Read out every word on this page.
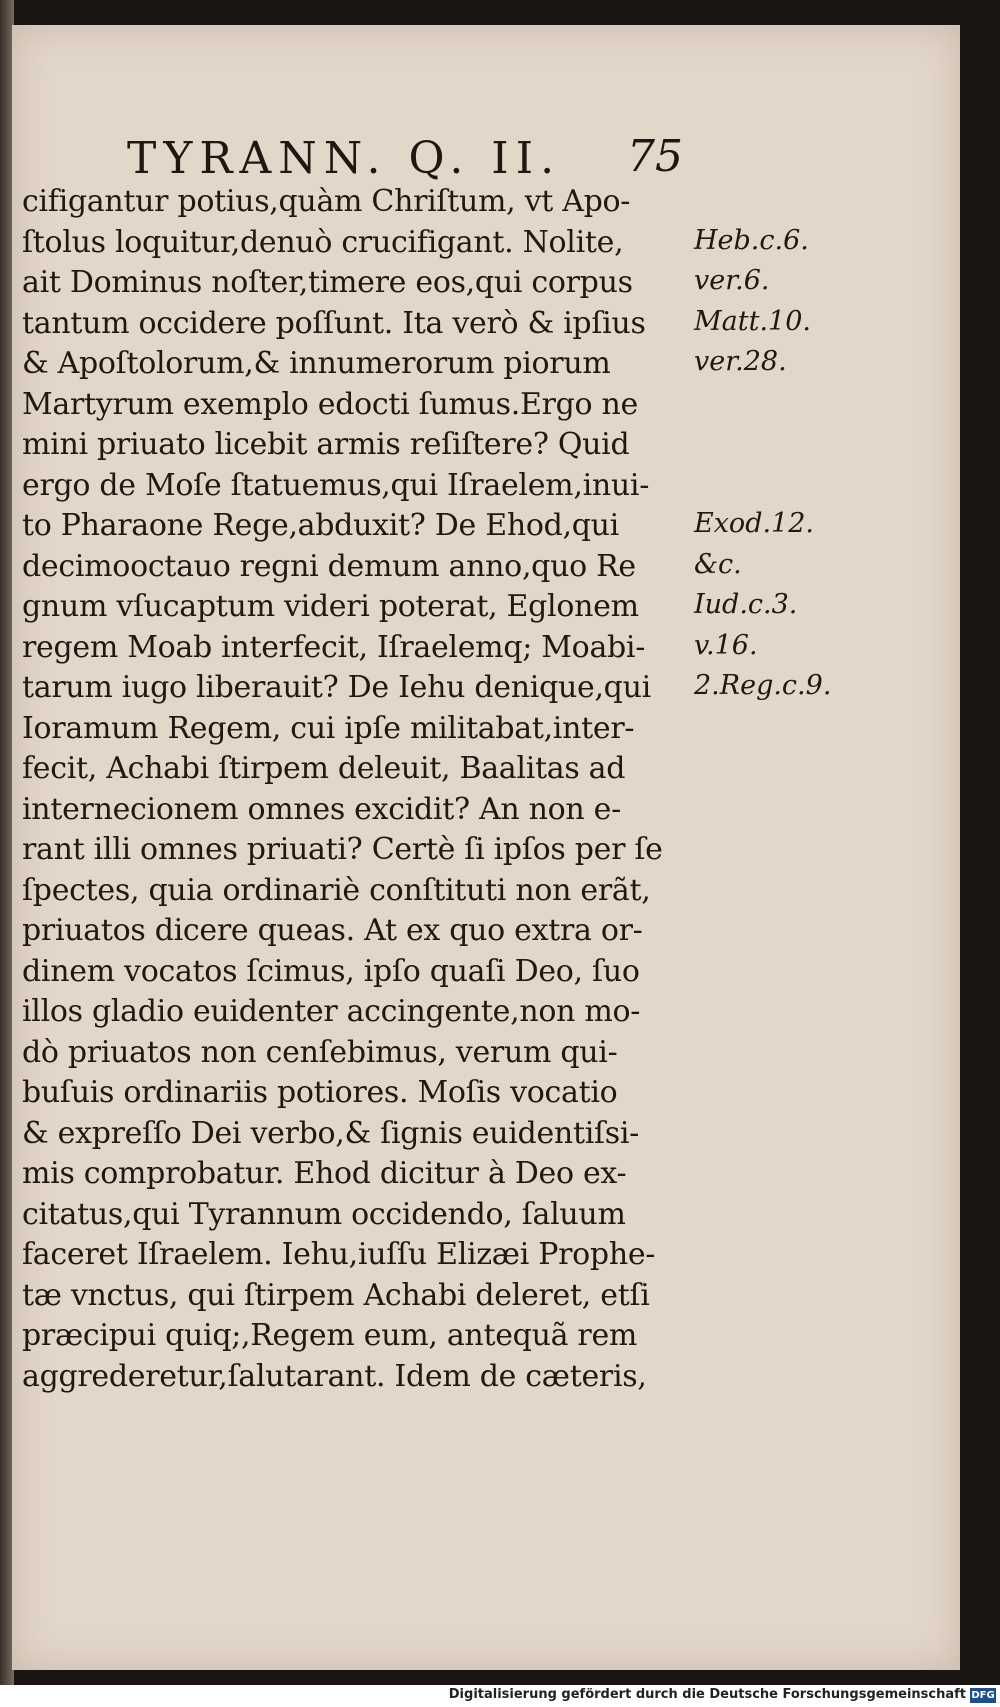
TYRANN. Q. II. 75
cifigantur potius,quàm Chriſtum, vt Apo-
ſtolus loquitur,denuò crucifigant. Nolite,
ait Dominus noſter,timere eos,qui corpus
tantum occidere poſſunt. Ita verò & ipſius
& Apoſtolorum,& innumerorum piorum
Martyrum exemplo edocti ſumus.Ergo ne
mini priuato licebit armis reſiſtere? Quid
ergo de Moſe ſtatuemus,qui Iſraelem,inui-
to Pharaone Rege,abduxit? De Ehod,qui
decimooctauo regni demum anno,quo Re
gnum vſucaptum videri poterat, Eglonem
regem Moab interfecit, Iſraelemq; Moabi-
tarum iugo liberauit? De Iehu denique,qui
Ioramum Regem, cui ipſe militabat,inter-
fecit, Achabi ſtirpem deleuit, Baalitas ad
internecionem omnes excidit? An non e-
rant illi omnes priuati? Certè ſi ipſos per ſe
ſpectes, quia ordinariè conſtituti non erãt,
priuatos dicere queas. At ex quo extra or-
dinem vocatos ſcimus, ipſo quaſi Deo, ſuo
illos gladio euidenter accingente,non mo-
dò priuatos non cenſebimus, verum qui-
buſuis ordinariis potiores. Moſis vocatio
& expreſſo Dei verbo,& ſignis euidentiſsi-
mis comprobatur. Ehod dicitur à Deo ex-
citatus,qui Tyrannum occidendo, ſaluum
faceret Iſraelem. Iehu,iuſſu Elizæi Prophe-
tæ vnctus, qui ſtirpem Achabi deleret, etſi
præcipui quiq;,Regem eum, antequã rem
aggrederetur,ſalutarant. Idem de cæteris,
Heb.c.6.
ver.6.
Matt.10.
ver.28.
Exod.12.
&c.
Iud.c.3.
v.16.
2.Reg.c.9.
Digitalisierung gefördert durch die Deutsche Forschungsgemeinschaft DFG
